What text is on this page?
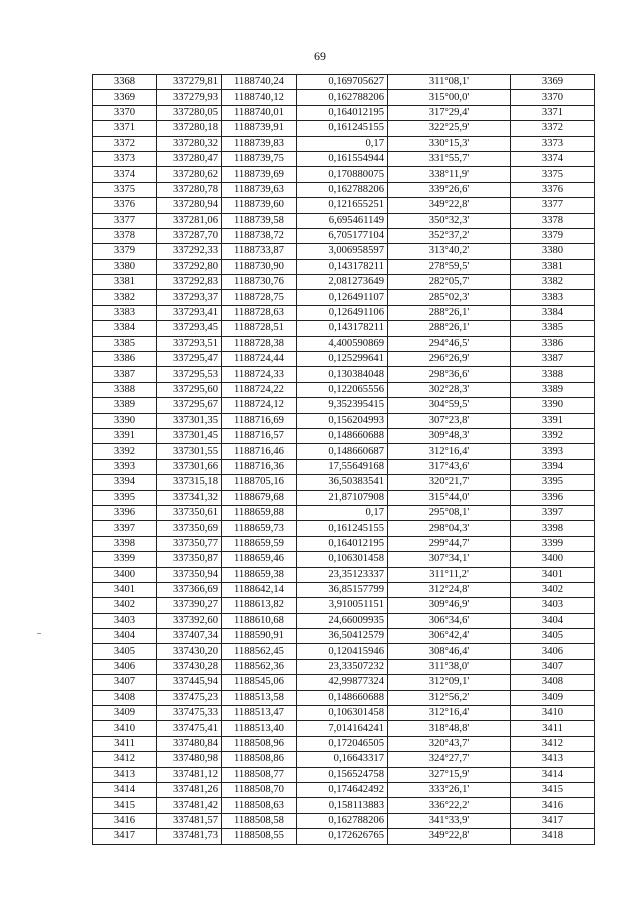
69
3368	337279,81	1188740,24	0,169705627	311°08,1'	3369
3369	337279,93	1188740,12	0,162788206	315°00,0'	3370
3370	337280,05	1188740,01	0,164012195	317°29,4'	3371
3371	337280,18	1188739,91	0,161245155	322°25,9'	3372
3372	337280,32	1188739,83	0,17	330°15,3'	3373
3373	337280,47	1188739,75	0,161554944	331°55,7'	3374
3374	337280,62	1188739,69	0,170880075	338°11,9'	3375
3375	337280,78	1188739,63	0,162788206	339°26,6'	3376
3376	337280,94	1188739,60	0,121655251	349°22,8'	3377
3377	337281,06	1188739,58	6,695461149	350°32,3'	3378
3378	337287,70	1188738,72	6,705177104	352°37,2'	3379
3379	337292,33	1188733,87	3,006958597	313°40,2'	3380
3380	337292,80	1188730,90	0,143178211	278°59,5'	3381
3381	337292,83	1188730,76	2,081273649	282°05,7'	3382
3382	337293,37	1188728,75	0,126491107	285°02,3'	3383
3383	337293,41	1188728,63	0,126491106	288°26,1'	3384
3384	337293,45	1188728,51	0,143178211	288°26,1'	3385
3385	337293,51	1188728,38	4,400590869	294°46,5'	3386
3386	337295,47	1188724,44	0,125299641	296°26,9'	3387
3387	337295,53	1188724,33	0,130384048	298°36,6'	3388
3388	337295,60	1188724,22	0,122065556	302°28,3'	3389
3389	337295,67	1188724,12	9,352395415	304°59,5'	3390
3390	337301,35	1188716,69	0,156204993	307°23,8'	3391
3391	337301,45	1188716,57	0,148660688	309°48,3'	3392
3392	337301,55	1188716,46	0,148660687	312°16,4'	3393
3393	337301,66	1188716,36	17,55649168	317°43,6'	3394
3394	337315,18	1188705,16	36,50383541	320°21,7'	3395
3395	337341,32	1188679,68	21,87107908	315°44,0'	3396
3396	337350,61	1188659,88	0,17	295°08,1'	3397
3397	337350,69	1188659,73	0,161245155	298°04,3'	3398
3398	337350,77	1188659,59	0,164012195	299°44,7'	3399
3399	337350,87	1188659,46	0,106301458	307°34,1'	3400
3400	337350,94	1188659,38	23,35123337	311°11,2'	3401
3401	337366,69	1188642,14	36,85157799	312°24,8'	3402
3402	337390,27	1188613,82	3,910051151	309°46,9'	3403
3403	337392,60	1188610,68	24,66009935	306°34,6'	3404
3404	337407,34	1188590,91	36,50412579	306°42,4'	3405
3405	337430,20	1188562,45	0,120415946	308°46,4'	3406
3406	337430,28	1188562,36	23,33507232	311°38,0'	3407
3407	337445,94	1188545,06	42,99877324	312°09,1'	3408
3408	337475,23	1188513,58	0,148660688	312°56,2'	3409
3409	337475,33	1188513,47	0,106301458	312°16,4'	3410
3410	337475,41	1188513,40	7,014164241	318°48,8'	3411
3411	337480,84	1188508,96	0,172046505	320°43,7'	3412
3412	337480,98	1188508,86	0,16643317	324°27,7'	3413
3413	337481,12	1188508,77	0,156524758	327°15,9'	3414
3414	337481,26	1188508,70	0,174642492	333°26,1'	3415
3415	337481,42	1188508,63	0,158113883	336°22,2'	3416
3416	337481,57	1188508,58	0,162788206	341°33,9'	3417
3417	337481,73	1188508,55	0,172626765	349°22,8'	3418
